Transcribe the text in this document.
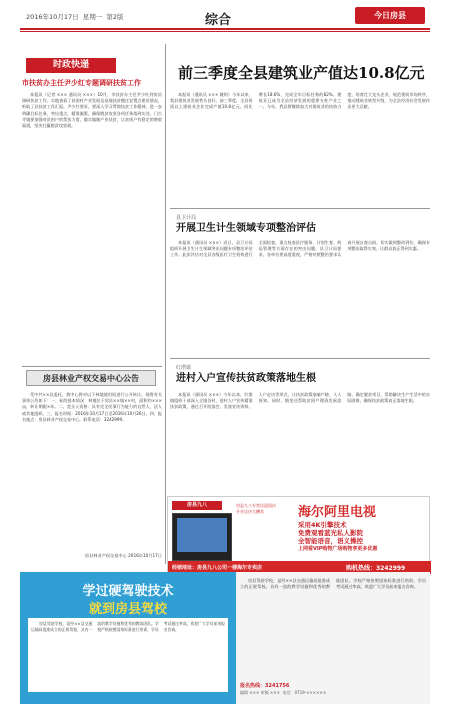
2016年10月17日 星期一 第2版	综合	今日房县
时政快递
市扶贫办主任尹少红专题调研扶贫工作

本报讯（记者 ××× 通讯员 ×××）10月，市扶贫办主任尹少红到房县调研扶贫工作，实地查看了贫困村产业发展及易地扶贫搬迁安置点建设情况，听取了县扶贫工作汇报。尹少红要求，要深入学习贯彻扶贫工作精神，进一步明确目标任务，突出重点，精准施策，确保脱贫攻坚各项任务落到实处。门古寺镇要加强对贫困户的帮扶力度，做实做细产业扶贫，让贫困户有稳定的增收渠道，坚决打赢脱贫攻坚战。

房县林业产权交易中心公告

受中共××县委托，我中心将对以下林地使用权进行公开转让，现将有关事项公告如下：一、标的基本情况：林地位于房县××镇××村，面积约×××亩，转让期限×年。二、竞买人资格：具有完全民事行为能力的自然人、法人或其他组织。三、报名时间：2016年10月17日至2016年10月26日。四、报名地点：房县林业产权交易中心。联系电话：3242999。

房县林业产权交易中心 2016年10月17日
前三季度全县建筑业产值达10.8亿元

本报讯（通讯员 ××× 姚柯）今年以来，我县建筑业发展势头良好。前三季度，全县资质以上建筑业企业完成产值10.8亿元，同比增长18.6%，完成全年目标任务的82%。建筑业已成为全县经济发展的重要支柱产业之一。今年，我县将继续加大对建筑业的扶持力度，培育壮大龙头企业，规范建筑市场秩序，推动建筑业转型升级，为全县经济社会发展作出更大贡献。

县卫计局
开展卫生计生领域专项整治评估

本报讯（通讯员 ×××）近日，县卫计局组织开展卫生计生领域突出问题专项整治评估工作。此次评估对全县各级医疗卫生机构进行全面检查，重点检查医疗服务、计划生育、药品管理等方面存在的突出问题。县卫计局要求，各单位要高度重视，严格对照整治要求认真开展自查自纠，切实做到整改到位，确保专项整治取得实效，让群众真正得到实惠。

红塔镇
进村入户宣传扶贫政策落地生根

本报讯（通讯员 ×××）今年以来，红塔镇组织干部深入全镇各村，进村入户宣传精准扶贫政策，通过召开院落会、发放宣传资料、入户走访等形式，让扶贫政策家喻户晓、人人皆知。同时，镇里还帮助贫困户理清发展思路，确定脱贫项目，帮助解决生产生活中的实际困难，确保扶贫政策真正落地生根。

房县九八	房县九八专营店迎国庆
开业店庆大酬宾	海尔阿里电视
采用4K引擎技术
免费观看蓝光私人影院
全智能语音，语义操控
上网看VIP购物广场购物享更多优惠
经销地址：房县九八公司一楼海尔专卖店	购机热线：3242999
学过硬驾驶技术
就到房县驾校

房县驾驶学校，是经××县交通运输局批准成立的正规驾校，具有一流的教学设施和优秀的教练团队。学校严格按照国家标准进行培训，学员考试通过率高，欢迎广大学员前来报名咨询。

房县驾驶学校，是经××县交通运输局批准成立的正规驾校，具有一流的教学设施和优秀的教练团队。学校严格按照国家标准进行培训，学员考试通过率高，欢迎广大学员前来报名咨询。

报名热线：3241756
编辑 ××× 审稿 ××× 电话：0719-××××××
